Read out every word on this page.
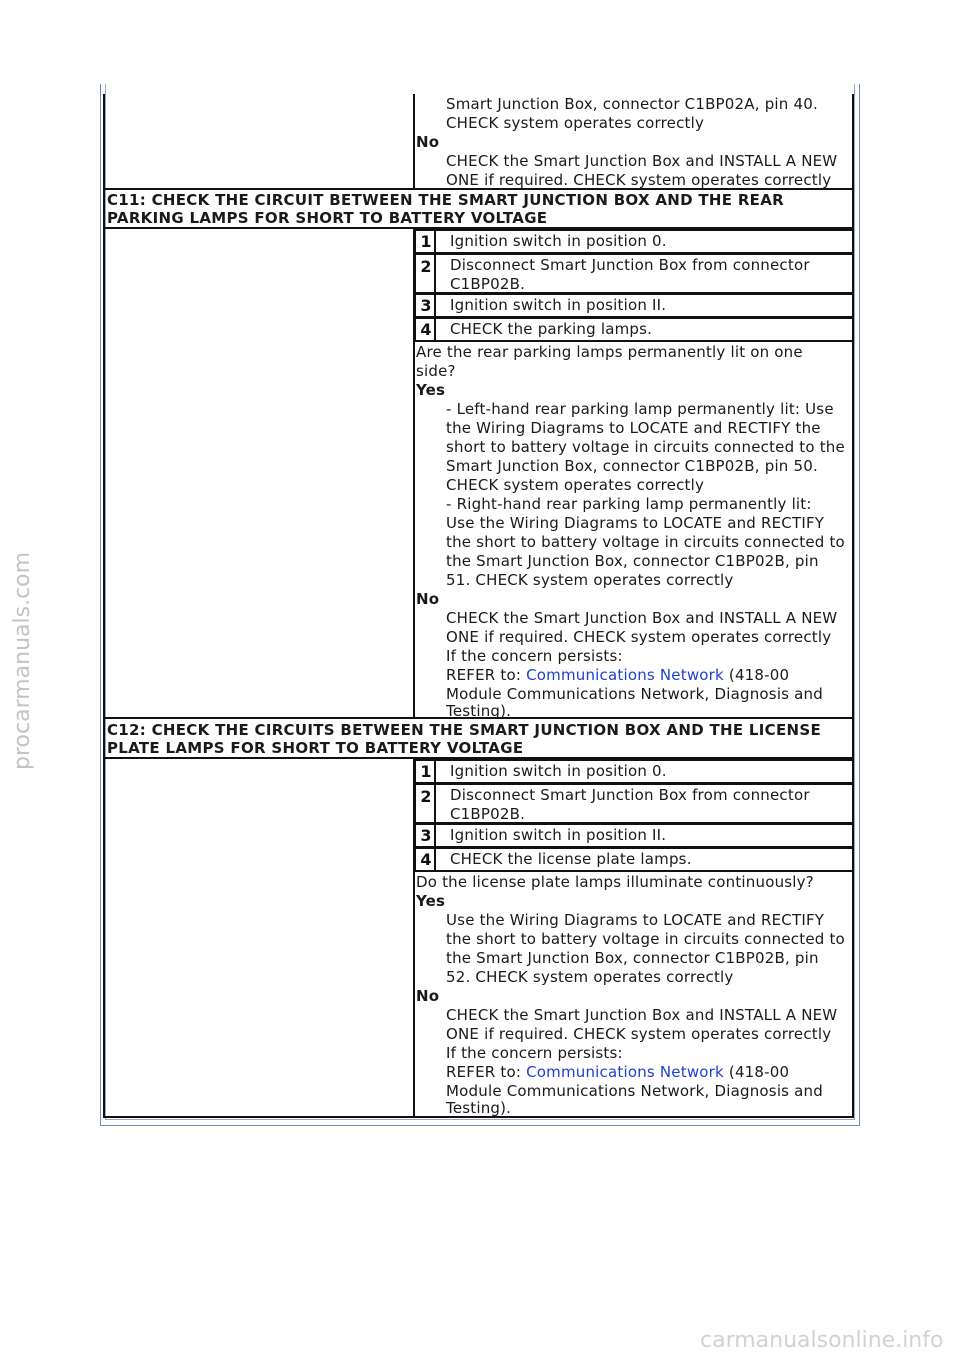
Smart Junction Box, connector C1BP02A, pin 40.
CHECK system operates correctly
No
CHECK the Smart Junction Box and INSTALL A NEW
ONE if required. CHECK system operates correctly
C11: CHECK THE CIRCUIT BETWEEN THE SMART JUNCTION BOX AND THE REAR
PARKING LAMPS FOR SHORT TO BATTERY VOLTAGE
1 Ignition switch in position 0.
2 Disconnect Smart Junction Box from connector
C1BP02B.
3 Ignition switch in position II.
4 CHECK the parking lamps.
Are the rear parking lamps permanently lit on one
side?
Yes
- Left-hand rear parking lamp permanently lit: Use
the Wiring Diagrams to LOCATE and RECTIFY the
short to battery voltage in circuits connected to the
Smart Junction Box, connector C1BP02B, pin 50.
CHECK system operates correctly
- Right-hand rear parking lamp permanently lit:
Use the Wiring Diagrams to LOCATE and RECTIFY
the short to battery voltage in circuits connected to
the Smart Junction Box, connector C1BP02B, pin
51. CHECK system operates correctly
No
CHECK the Smart Junction Box and INSTALL A NEW
ONE if required. CHECK system operates correctly
If the concern persists:
REFER to: Communications Network (418-00
Module Communications Network, Diagnosis and
Testing).
C12: CHECK THE CIRCUITS BETWEEN THE SMART JUNCTION BOX AND THE LICENSE
PLATE LAMPS FOR SHORT TO BATTERY VOLTAGE
1 Ignition switch in position 0.
2 Disconnect Smart Junction Box from connector
C1BP02B.
3 Ignition switch in position II.
4 CHECK the license plate lamps.
Do the license plate lamps illuminate continuously?
Yes
Use the Wiring Diagrams to LOCATE and RECTIFY
the short to battery voltage in circuits connected to
the Smart Junction Box, connector C1BP02B, pin
52. CHECK system operates correctly
No
CHECK the Smart Junction Box and INSTALL A NEW
ONE if required. CHECK system operates correctly
If the concern persists:
REFER to: Communications Network (418-00
Module Communications Network, Diagnosis and
Testing).
procarmanuals.com
carmanualsonline.info
